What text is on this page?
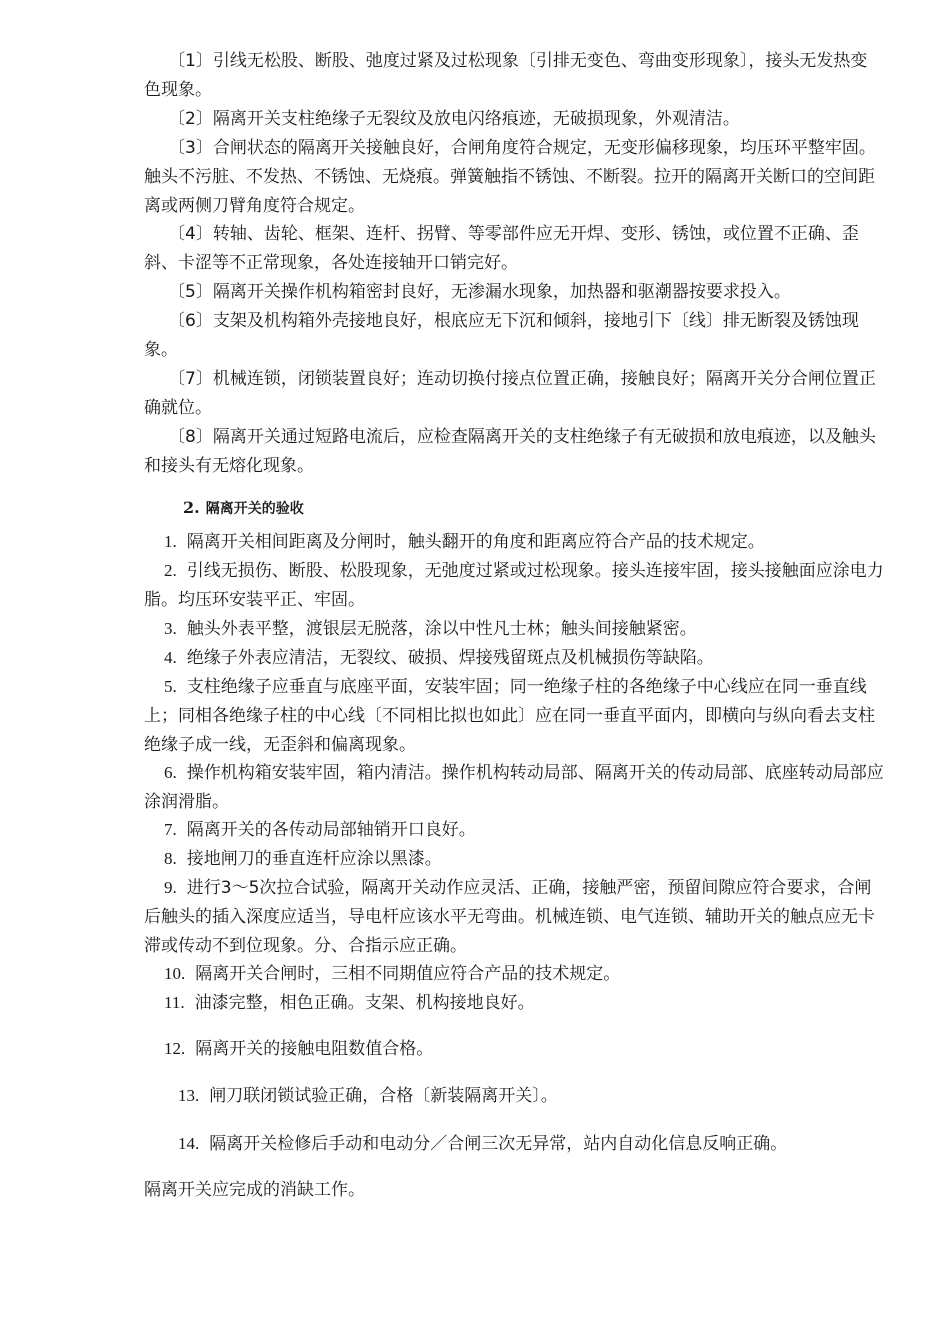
〔1〕引线无松股、断股、弛度过紧及过松现象〔引排无变色、弯曲变形现象〕，接头无发热变色现象。

〔2〕隔离开关支柱绝缘子无裂纹及放电闪络痕迹，无破损现象，外观清洁。

〔3〕合闸状态的隔离开关接触良好，合闸角度符合规定，无变形偏移现象，均压环平整牢固。触头不污脏、不发热、不锈蚀、无烧痕。弹簧触指不锈蚀、不断裂。拉开的隔离开关断口的空间距离或两侧刀臂角度符合规定。

〔4〕转轴、齿轮、框架、连杆、拐臂、等零部件应无开焊、变形、锈蚀，或位置不正确、歪斜、卡涩等不正常现象，各处连接轴开口销完好。

〔5〕隔离开关操作机构箱密封良好，无渗漏水现象，加热器和驱潮器按要求投入。

〔6〕支架及机构箱外壳接地良好，根底应无下沉和倾斜，接地引下〔线〕排无断裂及锈蚀现象。

〔7〕机械连锁，闭锁装置良好；连动切换付接点位置正确，接触良好；隔离开关分合闸位置正确就位。

〔8〕隔离开关通过短路电流后，应检查隔离开关的支柱绝缘子有无破损和放电痕迹，以及触头和接头有无熔化现象。

2. 隔离开关的验收

1. 隔离开关相间距离及分闸时，触头翻开的角度和距离应符合产品的技术规定。

2. 引线无损伤、断股、松股现象，无弛度过紧或过松现象。接头连接牢固，接头接触面应涂电力脂。均压环安装平正、牢固。

3. 触头外表平整，渡银层无脱落，涂以中性凡士林；触头间接触紧密。

4. 绝缘子外表应清洁，无裂纹、破损、焊接残留斑点及机械损伤等缺陷。

5. 支柱绝缘子应垂直与底座平面，安装牢固；同一绝缘子柱的各绝缘子中心线应在同一垂直线上；同相各绝缘子柱的中心线〔不同相比拟也如此〕应在同一垂直平面内，即横向与纵向看去支柱绝缘子成一线，无歪斜和偏离现象。

6. 操作机构箱安装牢固，箱内清洁。操作机构转动局部、隔离开关的传动局部、底座转动局部应涂润滑脂。

7. 隔离开关的各传动局部轴销开口良好。

8. 接地闸刀的垂直连杆应涂以黑漆。

9. 进行3～5次拉合试验，隔离开关动作应灵活、正确，接触严密，预留间隙应符合要求，合闸后触头的插入深度应适当，导电杆应该水平无弯曲。机械连锁、电气连锁、辅助开关的触点应无卡滞或传动不到位现象。分、合指示应正确。

10. 隔离开关合闸时，三相不同期值应符合产品的技术规定。

11. 油漆完整，相色正确。支架、机构接地良好。

12. 隔离开关的接触电阻数值合格。

13. 闸刀联闭锁试验正确，合格〔新装隔离开关〕。

14. 隔离开关检修后手动和电动分／合闸三次无异常，站内自动化信息反响正确。

隔离开关应完成的消缺工作。
